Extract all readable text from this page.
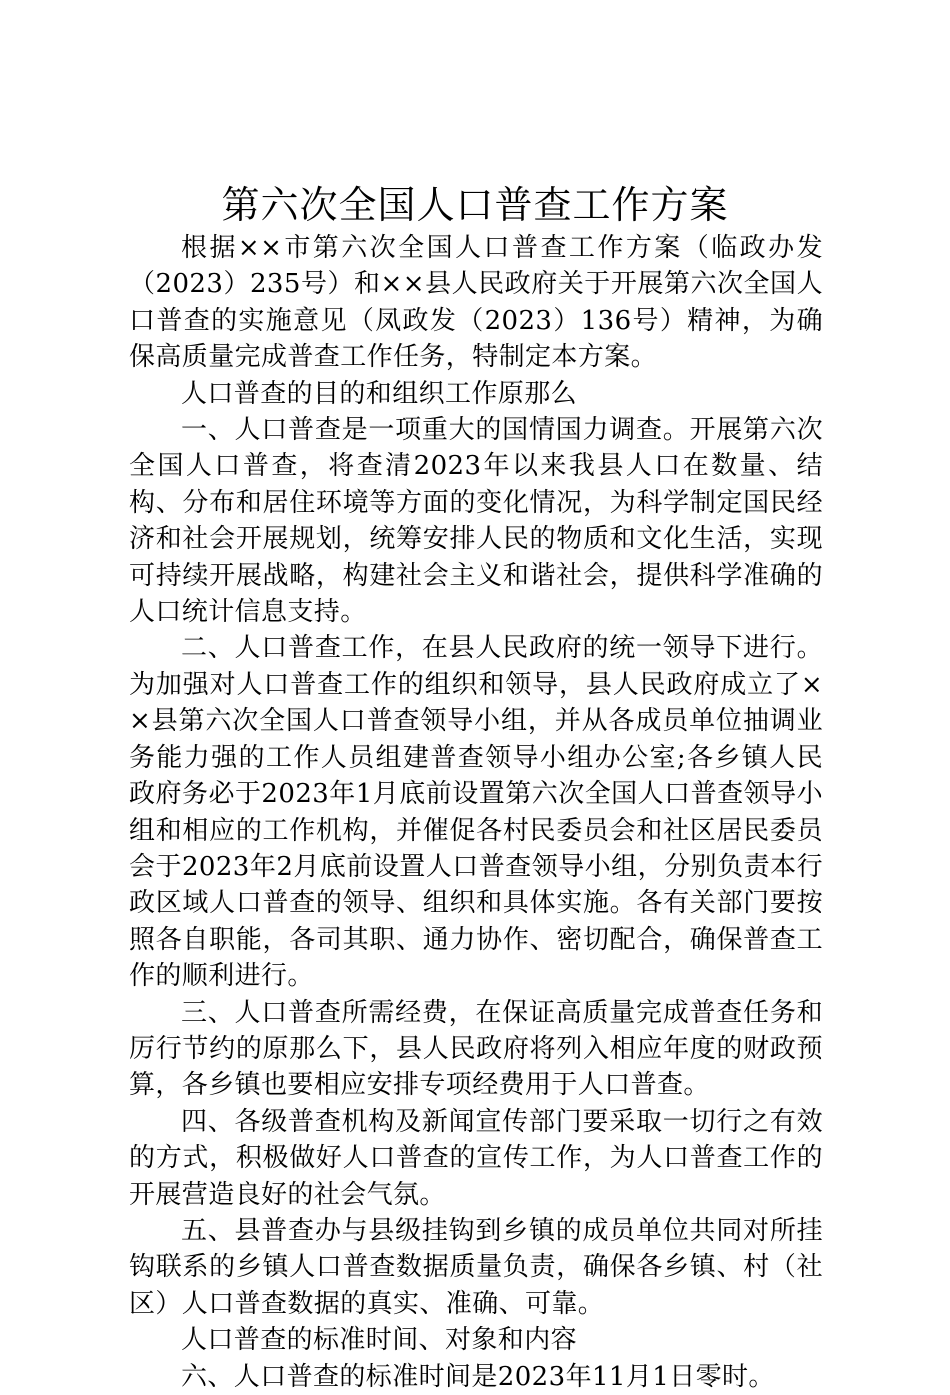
第六次全国人口普查工作方案

根据××市第六次全国人口普查工作方案（临政办发（2023）235号）和××县人民政府关于开展第六次全国人口普查的实施意见（凤政发（2023）136号）精神，为确保高质量完成普查工作任务，特制定本方案。

人口普查的目的和组织工作原那么

一、人口普查是一项重大的国情国力调查。开展第六次全国人口普查，将查清2023年以来我县人口在数量、结构、分布和居住环境等方面的变化情况，为科学制定国民经济和社会开展规划，统筹安排人民的物质和文化生活，实现可持续开展战略，构建社会主义和谐社会，提供科学准确的人口统计信息支持。

二、人口普查工作，在县人民政府的统一领导下进行。为加强对人口普查工作的组织和领导，县人民政府成立了××县第六次全国人口普查领导小组，并从各成员单位抽调业务能力强的工作人员组建普查领导小组办公室;各乡镇人民政府务必于2023年1月底前设置第六次全国人口普查领导小组和相应的工作机构，并催促各村民委员会和社区居民委员会于2023年2月底前设置人口普查领导小组，分别负责本行政区域人口普查的领导、组织和具体实施。各有关部门要按照各自职能，各司其职、通力协作、密切配合，确保普查工作的顺利进行。

三、人口普查所需经费，在保证高质量完成普查任务和厉行节约的原那么下，县人民政府将列入相应年度的财政预算，各乡镇也要相应安排专项经费用于人口普查。

四、各级普查机构及新闻宣传部门要采取一切行之有效的方式，积极做好人口普查的宣传工作，为人口普查工作的开展营造良好的社会气氛。

五、县普查办与县级挂钩到乡镇的成员单位共同对所挂钩联系的乡镇人口普查数据质量负责，确保各乡镇、村（社区）人口普查数据的真实、准确、可靠。

人口普查的标准时间、对象和内容

六、人口普查的标准时间是2023年11月1日零时。
